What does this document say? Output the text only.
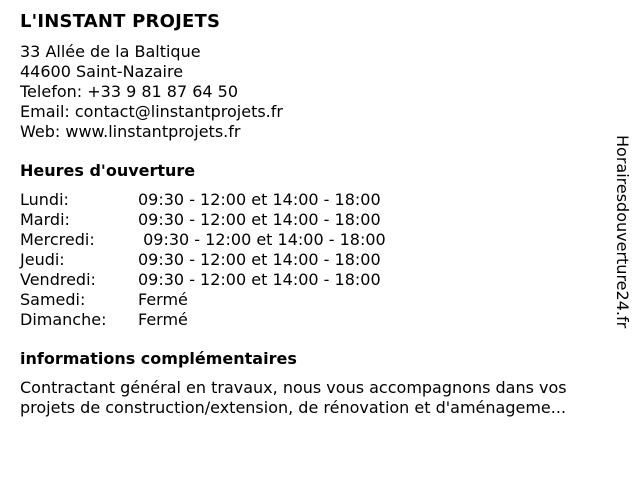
L'INSTANT PROJETS
33 Allée de la Baltique
44600 Saint-Nazaire
Telefon: +33 9 81 87 64 50
Email: contact@linstantprojets.fr
Web: www.linstantprojets.fr
Heures d'ouverture
Lundi:	09:30 - 12:00 et 14:00 - 18:00
Mardi:	09:30 - 12:00 et 14:00 - 18:00
Mercredi:	09:30 - 12:00 et 14:00 - 18:00
Jeudi:	09:30 - 12:00 et 14:00 - 18:00
Vendredi:	09:30 - 12:00 et 14:00 - 18:00
Samedi:	Fermé
Dimanche:	Fermé
informations complémentaires
Contractant général en travaux, nous vous accompagnons dans vos
projets de construction/extension, de rénovation et d'aménageme...
Horairesdouverture24.fr
